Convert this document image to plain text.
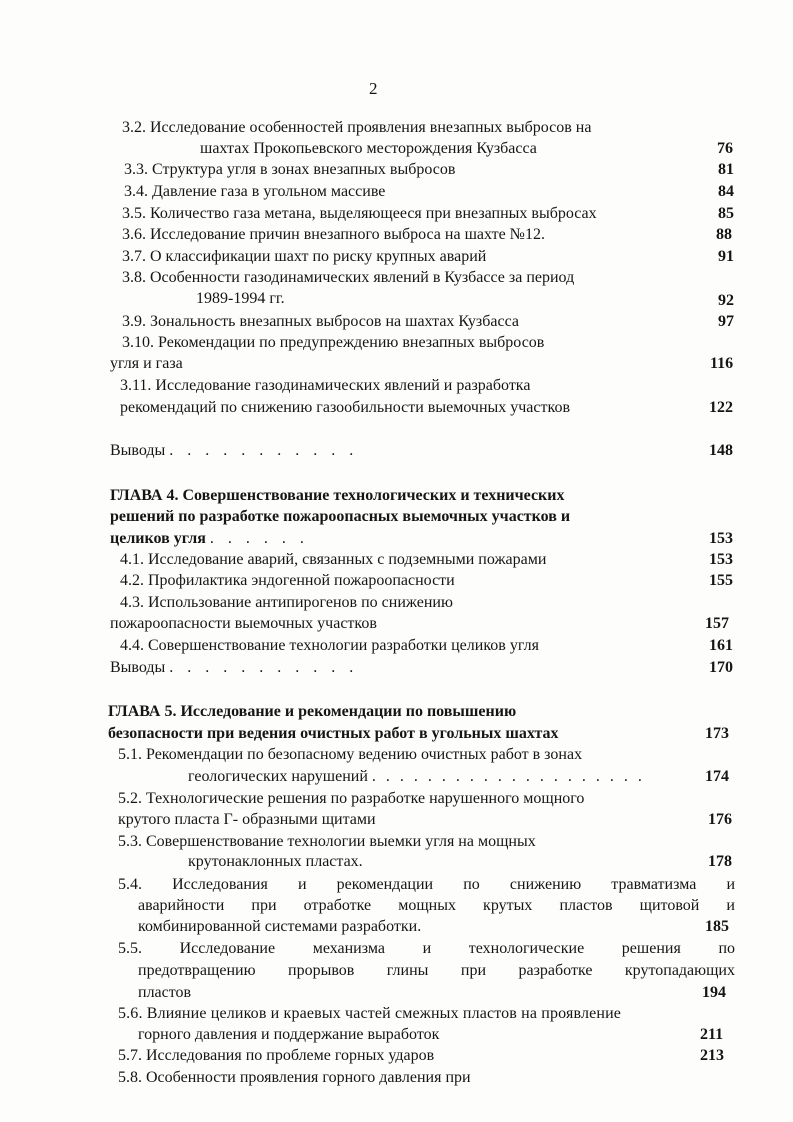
2
3.2. Исследование особенностей проявления внезапных выбросов на
шахтах Прокопьевского месторождения Кузбасса	76
3.3. Структура угля в зонах внезапных выбросов	81
3.4. Давление газа в угольном массиве	84
3.5. Количество газа метана, выделяющееся при внезапных выбросах	85
3.6. Исследование причин внезапного выброса на шахте №12.	88
3.7. О классификации шахт по риску крупных аварий	91
3.8. Особенности газодинамических явлений в Кузбассе за период
1989-1994 гг.	92
3.9. Зональность внезапных выбросов на шахтах Кузбасса	97
3.10. Рекомендации по предупреждению внезапных выбросов
угля и газа	116
3.11. Исследование газодинамических явлений и разработка
рекомендаций по снижению газообильности выемочных участков	122
Выводы . . . . . . . . . . .	148
ГЛАВА 4. Совершенствование технологических и технических
решений по разработке пожароопасных выемочных участков и
целиков угля . . . . . .	153
4.1. Исследование аварий, связанных с подземными пожарами	153
4.2. Профилактика эндогенной пожароопасности	155
4.3. Использование антипирогенов по снижению
пожароопасности выемочных участков	157
4.4. Совершенствование технологии разработки целиков угля	161
Выводы . . . . . . . . . . .	170
ГЛАВА 5. Исследование и рекомендации по повышению
безопасности при ведения очистных работ в угольных шахтах	173
5.1. Рекомендации по безопасному ведению очистных работ в зонах
геологических нарушений . . . . . . . . . . . . . . . . . . . .	174
5.2. Технологические решения по разработке нарушенного мощного
крутого пласта Г- образными щитами	176
5.3. Совершенствование технологии выемки угля на мощных
крутонаклонных пластах.	178
5.4. Исследования и рекомендации по снижению травматизма и
аварийности при отработке мощных крутых пластов щитовой и
комбинированной системами разработки.	185
5.5. Исследование механизма и технологические решения по
предотвращению прорывов глины при разработке крутопадающих
пластов	194
5.6. Влияние целиков и краевых частей смежных пластов на проявление
горного давления и поддержание выработок	211
5.7. Исследования по проблеме горных ударов	213
5.8. Особенности проявления горного давления при
